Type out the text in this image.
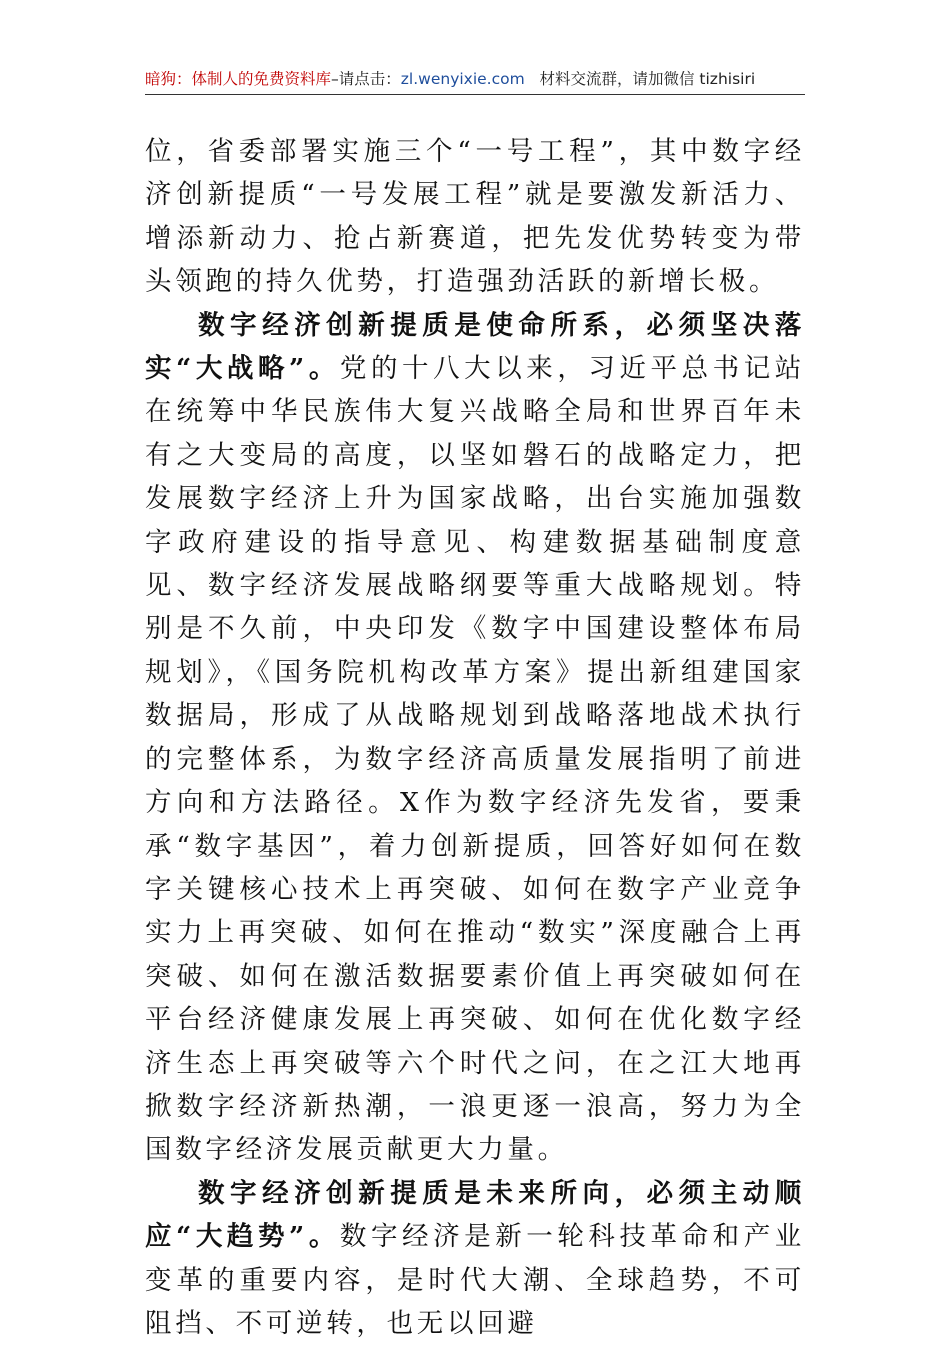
暗狗：体制人的免费资料库–请点击：zl.wenyixie.com 材料交流群，请加微信 tizhisiri

位，省委部署实施三个“一号工程”，其中数字经济创新提质“一号发展工程”就是要激发新活力、增添新动力、抢占新赛道，把先发优势转变为带头领跑的持久优势，打造强劲活跃的新增长极。

数字经济创新提质是使命所系，必须坚决落实“大战略”。党的十八大以来，习近平总书记站在统筹中华民族伟大复兴战略全局和世界百年未有之大变局的高度，以坚如磐石的战略定力，把发展数字经济上升为国家战略，出台实施加强数字政府建设的指导意见、构建数据基础制度意见、数字经济发展战略纲要等重大战略规划。特别是不久前，中央印发《数字中国建设整体布局规划》，《国务院机构改革方案》提出新组建国家数据局，形成了从战略规划到战略落地战术执行的完整体系，为数字经济高质量发展指明了前进方向和方法路径。X作为数字经济先发省，要秉承“数字基因”，着力创新提质，回答好如何在数字关键核心技术上再突破、如何在数字产业竞争实力上再突破、如何在推动“数实”深度融合上再突破、如何在激活数据要素价值上再突破如何在平台经济健康发展上再突破、如何在优化数字经济生态上再突破等六个时代之问，在之江大地再掀数字经济新热潮，一浪更逐一浪高，努力为全国数字经济发展贡献更大力量。

数字经济创新提质是未来所向，必须主动顺应“大趋势”。数字经济是新一轮科技革命和产业变革的重要内容，是时代大潮、全球趋势，不可阻挡、不可逆转，也无以回避
